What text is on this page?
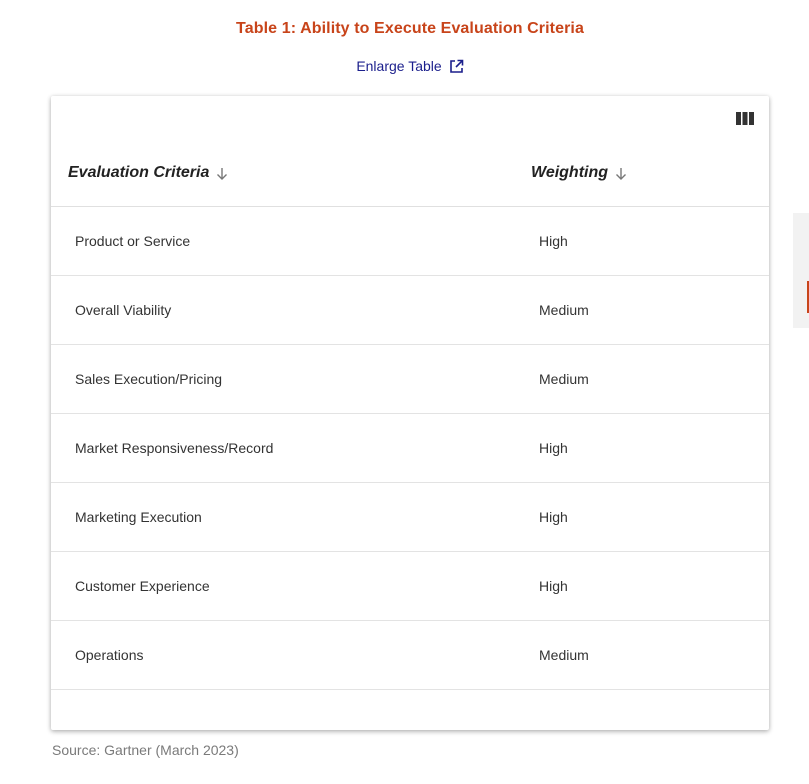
Table 1: Ability to Execute Evaluation Criteria
Enlarge Table
Evaluation Criteria	Weighting
Product or Service	High
Overall Viability	Medium
Sales Execution/Pricing	Medium
Market Responsiveness/Record	High
Marketing Execution	High
Customer Experience	High
Operations	Medium
Source: Gartner (March 2023)
